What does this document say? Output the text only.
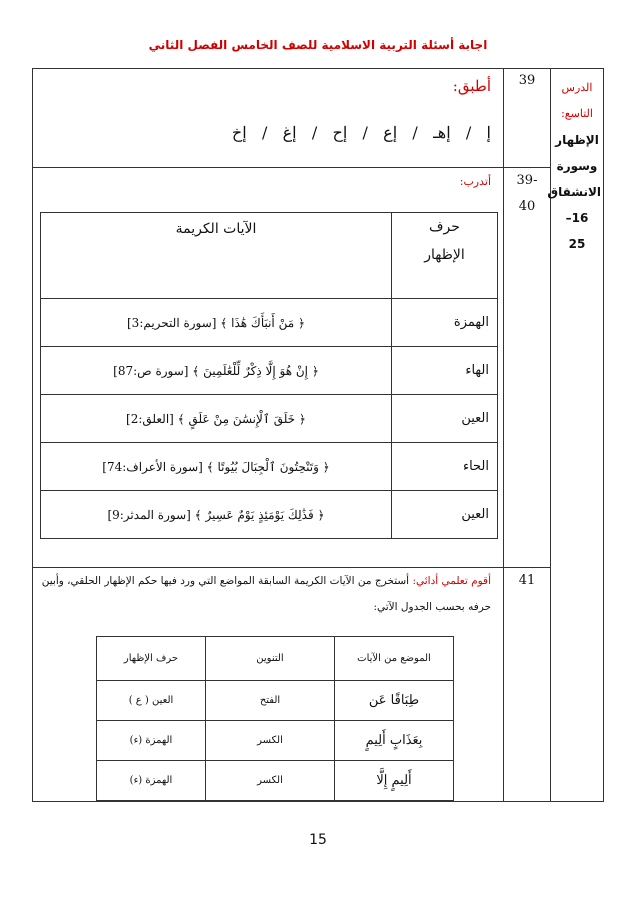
اجابة أسئلة التربية الاسلامية للصف الخامس الفصل الثاني
الدرس
التاسع:
الإظهار
وسورة
الانشقاق
16–
25
39
39-
40
41
أطبق:
إ   /   إهـ   /   إع   /   إح   /   إغ   /   إخ
أتدرب:
أقوم تعلمي أدائي: أستخرج من الآيات الكريمة السابقة المواضع التي ورد فيها حكم الإظهار الحلقي، وأبين
حرفه بحسب الجدول الآتي:
حرف
الإظهار	الآيات الكريمة
الهمزة	﴿ مَنْ أَنبَأَكَ هَٰذَا ﴾ [سورة التحريم:3]
الهاء	﴿ إِنْ هُوَ إِلَّا ذِكْرٌ لِّلْعَٰلَمِينَ ﴾ [سورة ص:87]
العين	﴿ خَلَقَ ٱلْإِنسَٰنَ مِنْ عَلَقٍ ﴾ [العلق:2]
الحاء	﴿ وَتَنْحِتُونَ ٱلْجِبَالَ بُيُوتًا ﴾ [سورة الأعراف:74]
العين	﴿ فَذَٰلِكَ يَوْمَئِذٍ يَوْمٌ عَسِيرٌ ﴾ [سورة المدثر:9]
الموضع من الآيات	التنوين	حرف الإظهار
طِبَاقًا عَن	الفتح	العين ( ع )
بِعَذَابٍ أَلِيمٍ	الكسر	الهمزة (ء)
أَلِيمٍ إِلَّا	الكسر	الهمزة (ء)
15
